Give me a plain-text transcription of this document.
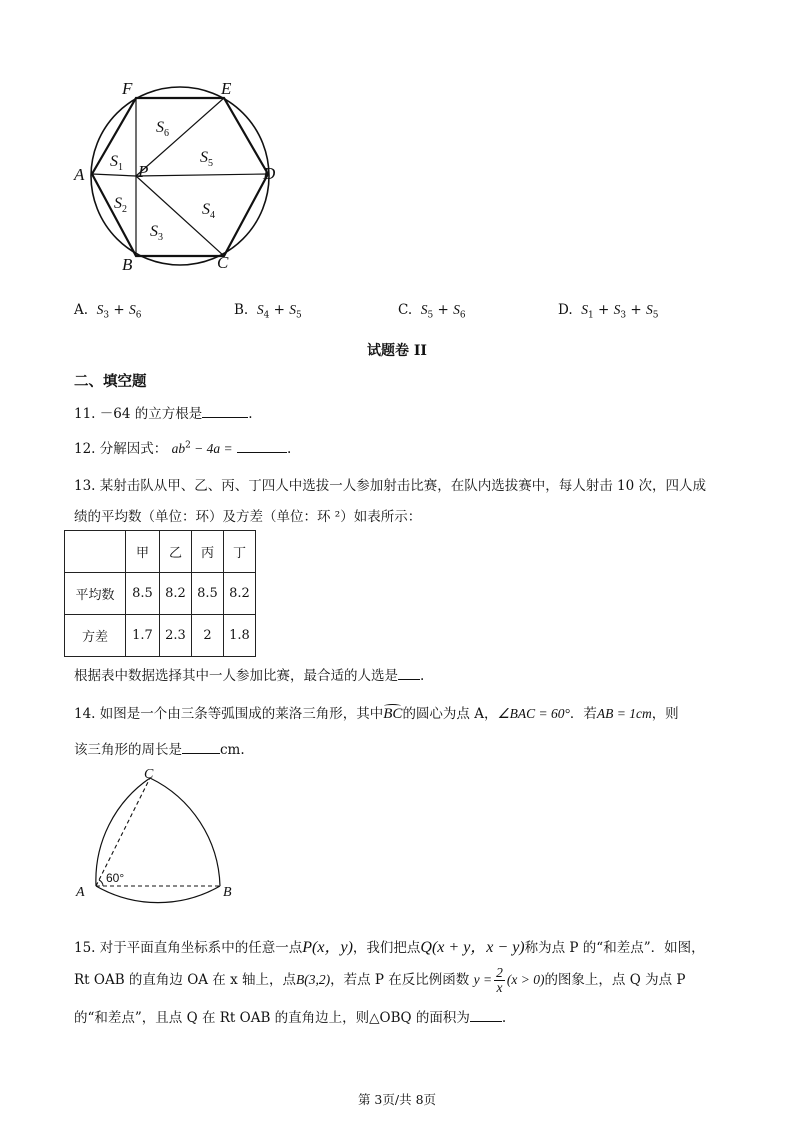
F	E
A	D
P
B	C
$S_6$
$S_1$
$S_5$
$S_2$	$S_4$
$S_3$
A. $S_3 + S_6$	B. $S_4 + S_5$	C. $S_5 + S_6$	D. $S_1 + S_3 + S_5$
试题卷 II
二、填空题
11. －64 的立方根是	.
12. 分解因式： $ab^2 - 4a$ =	.
13. 某射击队从甲、乙、丙、丁四人中选拔一人参加射击比赛，在队内选拔赛中，每人射击 10 次，四人成
绩的平均数（单位：环）及方差（单位：环 ²）如表所示：
	甲	乙	丙	丁
平均数	8.5	8.2	8.5	8.2
方差	1.7	2.3	2	1.8
根据表中数据选择其中一人参加比赛，最合适的人选是 .
14. 如图是一个由三条等弧围成的莱洛三角形，其中
BC的圆心为点 A，∠BAC = 60°．若AB = 1cm，则
该三角形的周长是	cm.
C
A	B
60°
15. 对于平面直角坐标系中的任意一点P(x，y)，我们把点Q(x + y，x − y)称为点 P 的“和差点”．如图，
Rt OAB 的直角边 OA 在 x 轴上，点B(3,2)，若点 P 在反比例函数 $y = \frac{2}{x} (x > 0)$的图象上，点 Q 为点 P
的“和差点”，且点 Q 在 Rt OAB 的直角边上，则△OBQ 的面积为 .
第 3页/共 8页
